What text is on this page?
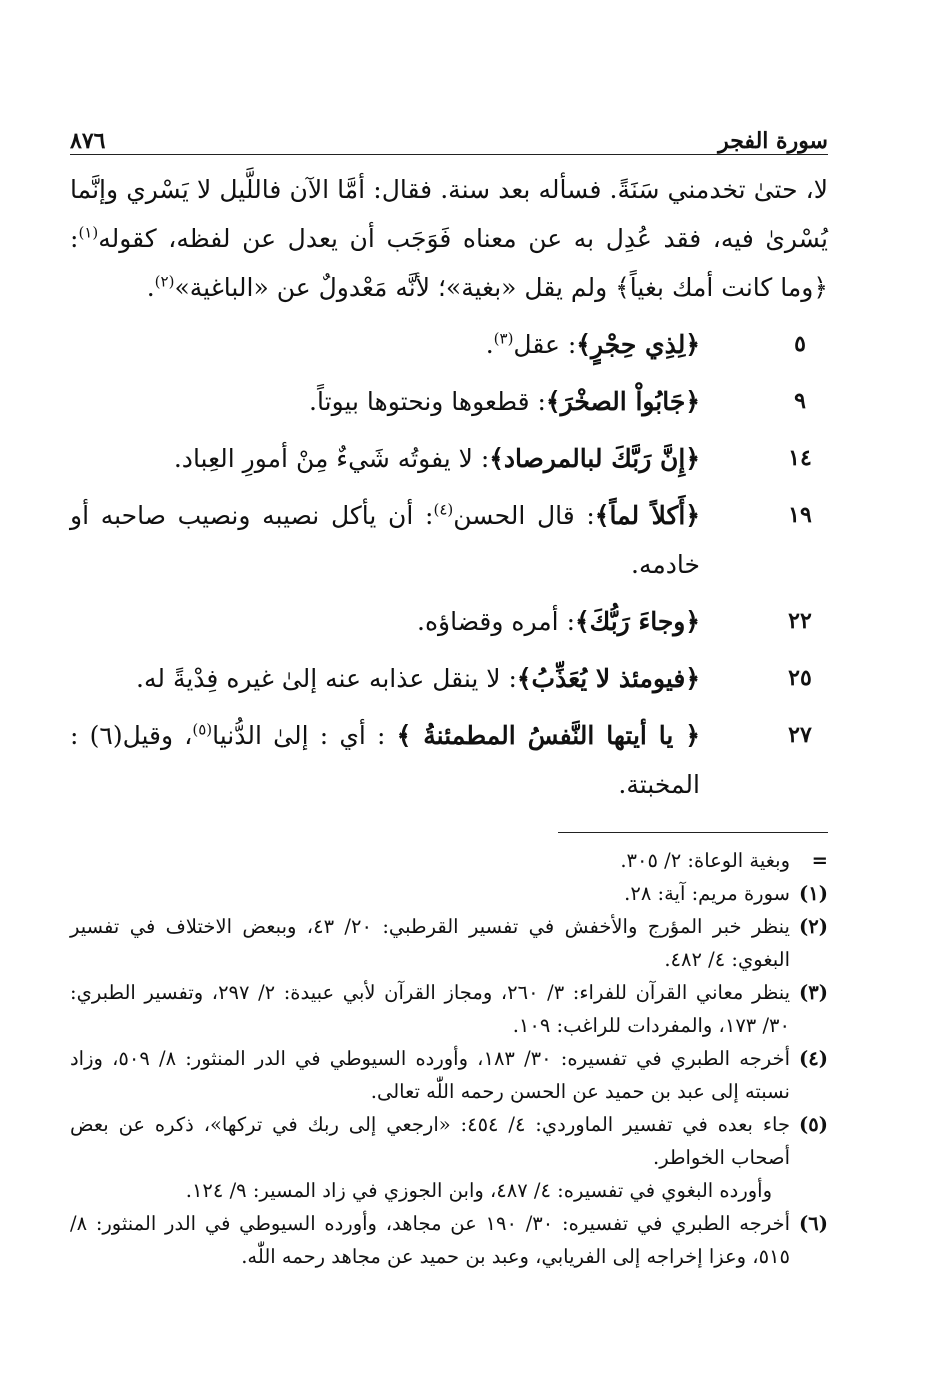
سورة الفجر
٨٧٦

لا، حتىٰ تخدمني سَنَةً. فسأله بعد سنة. فقال: أمَّا الآن فاللَّيل لا يَسْري وإنَّما يُسْرىٰ فيه، فقد عُدِل به عن معناه فَوَجَب أن يعدل عن لفظه، كقوله$^{(١)}$: ﴿وما كانت أمك بغياً﴾ ولم يقل «بغية»؛ لأنَّه مَعْدولٌ عن «الباغية»$^{(٢)}$.

٥
﴿لِذِي حِجْرٍ﴾: عقل$^{(٣)}$.
٩
﴿جَابُواْ الصخْرَ﴾: قطعوها ونحتوها بيوتاً.
١٤
﴿إِنَّ رَبَّكَ لبالمرصاد﴾: لا يفوتُه شَيءٌ مِنْ أمورِ العِباد.
١٩
﴿أَكلاً لماً﴾: قال الحسن$^{(٤)}$: أن يأكل نصيبه ونصيب صاحبه أو خادمه.
٢٢
﴿وجاءَ رَبُّكَ﴾: أمره وقضاؤه.
٢٥
﴿فيومئذ لا يُعَذِّبُ﴾: لا ينقل عذابه عنه إلىٰ غيره فِدْيةً له.
٢٧
﴿ يا أيتها النَّفسُ المطمئنةُ ﴾ : أي : إلىٰ الدُّنيا$^{(٥)}$، وقيل(٦) : المخبتة.
=
وبغية الوعاة: ٢/ ٣٠٥.
(١)
سورة مريم: آية: ٢٨.
(٢)
ينظر خبر المؤرج والأخفش في تفسير القرطبي: ٢٠/ ٤٣، وببعض الاختلاف في تفسير البغوي: ٤/ ٤٨٢.
(٣)
ينظر معاني القرآن للفراء: ٣/ ٢٦٠، ومجاز القرآن لأبي عبيدة: ٢/ ٢٩٧، وتفسير الطبري: ٣٠/ ١٧٣، والمفردات للراغب: ١٠٩.
(٤)
أخرجه الطبري في تفسيره: ٣٠/ ١٨٣، وأورده السيوطي في الدر المنثور: ٨/ ٥٠٩، وزاد نسبته إلى عبد بن حميد عن الحسن رحمه اللّٰه تعالى.
(٥)
جاء بعده في تفسير الماوردي: ٤/ ٤٥٤: «ارجعي إلى ربك في تركها»، ذكره عن بعض أصحاب الخواطر.
وأورده البغوي في تفسيره: ٤/ ٤٨٧، وابن الجوزي في زاد المسير: ٩/ ١٢٤.
(٦)
أخرجه الطبري في تفسيره: ٣٠/ ١٩٠ عن مجاهد، وأورده السيوطي في الدر المنثور: ٨/ ٥١٥، وعزا إخراجه إلى الفريابي، وعبد بن حميد عن مجاهد رحمه اللّٰه.
